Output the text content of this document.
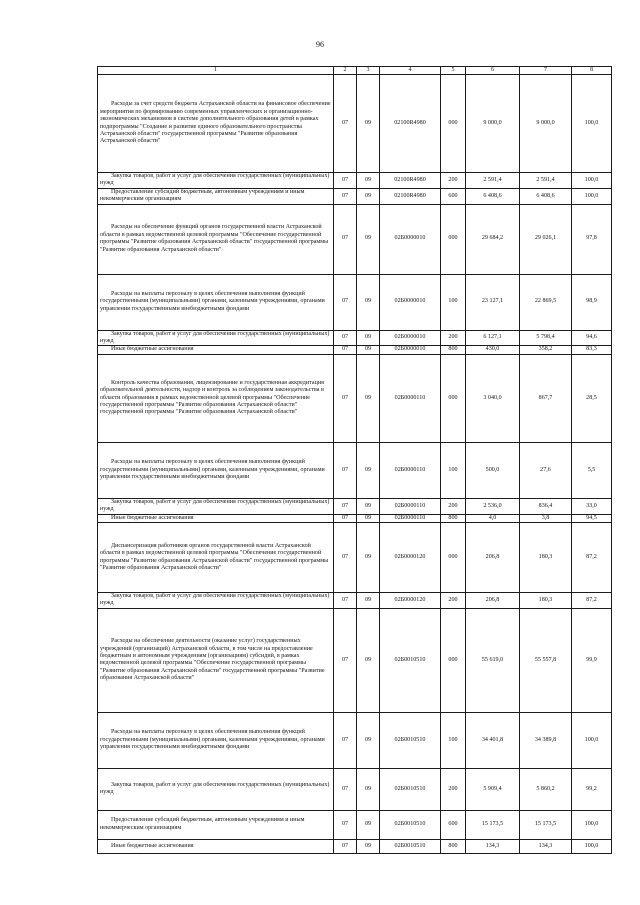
96
1	2	3	4	5	6	7	8
Расходы за счет средств бюджета Астраханской области на финансовое обеспечение мероприятия по формированию современных управленческих и организационно-экономических механизмов в системе дополнительного образования детей в рамках подпрограммы "Создание и развитие единого образовательного пространства Астраханской области" государственной программы "Развитие образования Астраханской области"	07	09	02100R4980	000	9 000,0	9 000,0	100,0
Закупка товаров, работ и услуг для обеспечения государственных (муниципальных) нужд	07	09	02100R4980	200	2 591,4	2 591,4	100,0
Предоставление субсидий бюджетным, автономным учреждениям и иным некоммерческим организациям	07	09	02100R4980	600	6 408,6	6 408,6	100,0
Расходы на обеспечение функций органов государственной власти Астраханской области в рамках ведомственной целевой программы "Обеспечение государственной программы "Развитие образования Астраханской области" государственной программы "Развитие образования Астраханской области"	07	09	02Б0000010	000	29 684,2	29 026,1	97,8
Расходы на выплаты персоналу в целях обеспечения выполнения функций государственными (муниципальными) органами, казенными учреждениями, органами управления государственными внебюджетными фондами	07	09	02Б0000010	100	23 127,1	22 869,5	98,9
Закупка товаров, работ и услуг для обеспечения государственных (муниципальных) нужд	07	09	02Б0000010	200	6 127,1	5 798,4	94,6
Иные бюджетные ассигнования	07	09	02Б0000010	800	430,0	358,2	83,3
Контроль качества образования, лицензирование и государственная аккредитация образовательной деятельности, надзор и контроль за соблюдением законодательства в области образования в рамках ведомственной целевой программы "Обеспечение государственной программы "Развитие образования Астраханской области" государственной программы "Развитие образования Астраханской области"	07	09	02Б0000110	000	3 040,0	867,7	28,5
Расходы на выплаты персоналу в целях обеспечения выполнения функций государственными (муниципальными) органами, казенными учреждениями, органами управления государственными внебюджетными фондами	07	09	02Б0000110	100	500,0	27,6	5,5
Закупка товаров, работ и услуг для обеспечения государственных (муниципальных) нужд	07	09	02Б0000110	200	2 536,0	836,4	33,0
Иные бюджетные ассигнования	07	09	02Б0000110	800	4,0	3,8	94,5
Диспансеризация работников органов государственной власти Астраханской области в рамках ведомственной целевой программы "Обеспечение государственной программы "Развитие образования Астраханской области" государственной программы "Развитие образования Астраханской области"	07	09	02Б0000120	000	206,8	180,3	87,2
Закупка товаров, работ и услуг для обеспечения государственных (муниципальных) нужд	07	09	02Б0000120	200	206,8	180,3	87,2
Расходы на обеспечение деятельности (оказание услуг) государственных учреждений (организаций) Астраханской области, в том числе на предоставление бюджетным и автономным учреждениям (организациям) субсидий, в рамках ведомственной целевой программы "Обеспечение государственной программы "Развитие образования Астраханской области" государственной программы "Развитие образования Астраханской области"	07	09	02Б0010510	000	55 619,0	55 557,8	99,9
Расходы на выплаты персоналу в целях обеспечения выполнения функций государственными (муниципальными) органами, казенными учреждениями, органами управления государственными внебюджетными фондами	07	09	02Б0010510	100	34 401,8	34 389,8	100,0
Закупка товаров, работ и услуг для обеспечения государственных (муниципальных) нужд	07	09	02Б0010510	200	5 909,4	5 860,2	99,2
Предоставление субсидий бюджетным, автономным учреждениям и иным некоммерческим организациям	07	09	02Б0010510	600	15 173,5	15 173,5	100,0
Иные бюджетные ассигнования	07	09	02Б0010510	800	134,3	134,3	100,0
